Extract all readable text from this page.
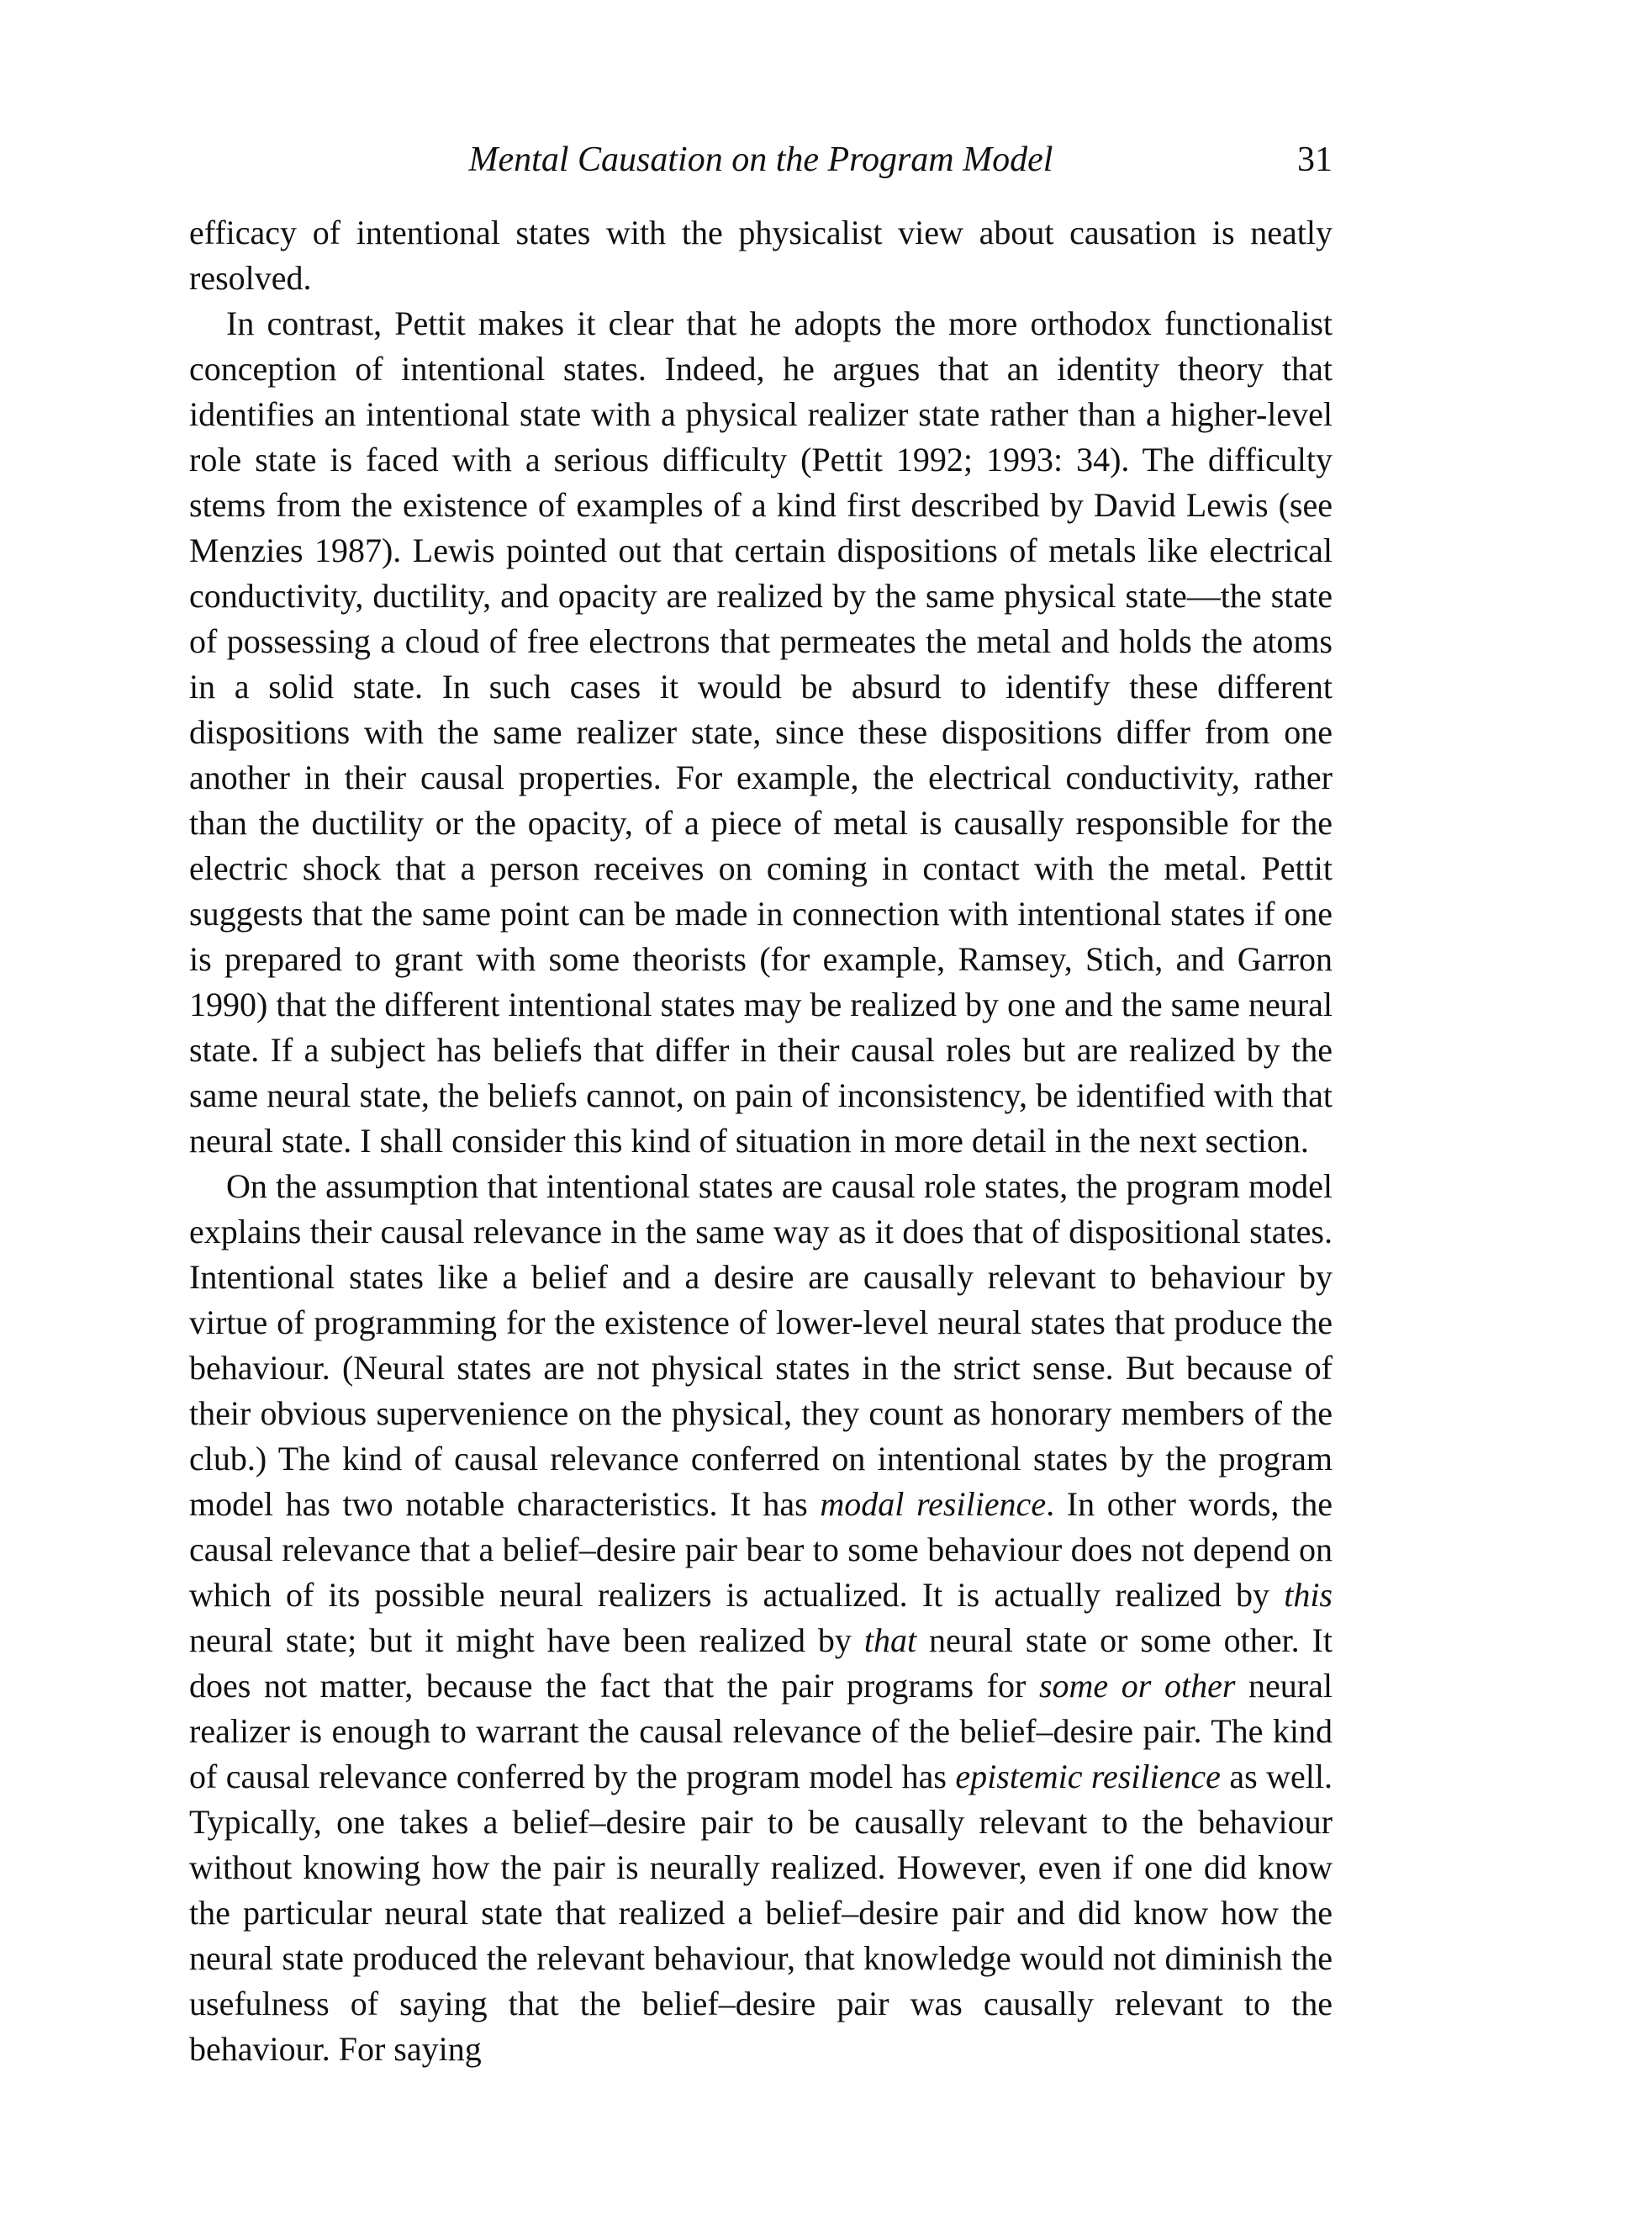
Mental Causation on the Program Model	31

efficacy of intentional states with the physicalist view about causation is neatly resolved.

In contrast, Pettit makes it clear that he adopts the more orthodox functionalist conception of intentional states. Indeed, he argues that an identity theory that identifies an intentional state with a physical realizer state rather than a higher-level role state is faced with a serious difficulty (Pettit 1992; 1993: 34). The difficulty stems from the existence of examples of a kind first described by David Lewis (see Menzies 1987). Lewis pointed out that certain dispositions of metals like electrical conductivity, ductility, and opacity are realized by the same physical state—the state of possessing a cloud of free electrons that permeates the metal and holds the atoms in a solid state. In such cases it would be absurd to identify these different dispositions with the same realizer state, since these dispositions differ from one another in their causal properties. For example, the electrical conductivity, rather than the ductility or the opacity, of a piece of metal is causally responsible for the electric shock that a person receives on coming in contact with the metal. Pettit suggests that the same point can be made in connection with intentional states if one is prepared to grant with some theorists (for example, Ramsey, Stich, and Garron 1990) that the different intentional states may be realized by one and the same neural state. If a subject has beliefs that differ in their causal roles but are realized by the same neural state, the beliefs cannot, on pain of inconsistency, be identified with that neural state. I shall consider this kind of situation in more detail in the next section.

On the assumption that intentional states are causal role states, the program model explains their causal relevance in the same way as it does that of dispositional states. Intentional states like a belief and a desire are causally relevant to behaviour by virtue of programming for the existence of lower-level neural states that produce the behaviour. (Neural states are not physical states in the strict sense. But because of their obvious supervenience on the physical, they count as honorary members of the club.) The kind of causal relevance conferred on intentional states by the program model has two notable characteristics. It has modal resilience. In other words, the causal relevance that a belief–desire pair bear to some behaviour does not depend on which of its possible neural realizers is actualized. It is actually realized by this neural state; but it might have been realized by that neural state or some other. It does not matter, because the fact that the pair programs for some or other neural realizer is enough to warrant the causal relevance of the belief–desire pair. The kind of causal relevance conferred by the program model has epistemic resilience as well. Typically, one takes a belief–desire pair to be causally relevant to the behaviour without knowing how the pair is neurally realized. However, even if one did know the particular neural state that realized a belief–desire pair and did know how the neural state produced the relevant behaviour, that knowledge would not diminish the usefulness of saying that the belief–desire pair was causally relevant to the behaviour. For saying
